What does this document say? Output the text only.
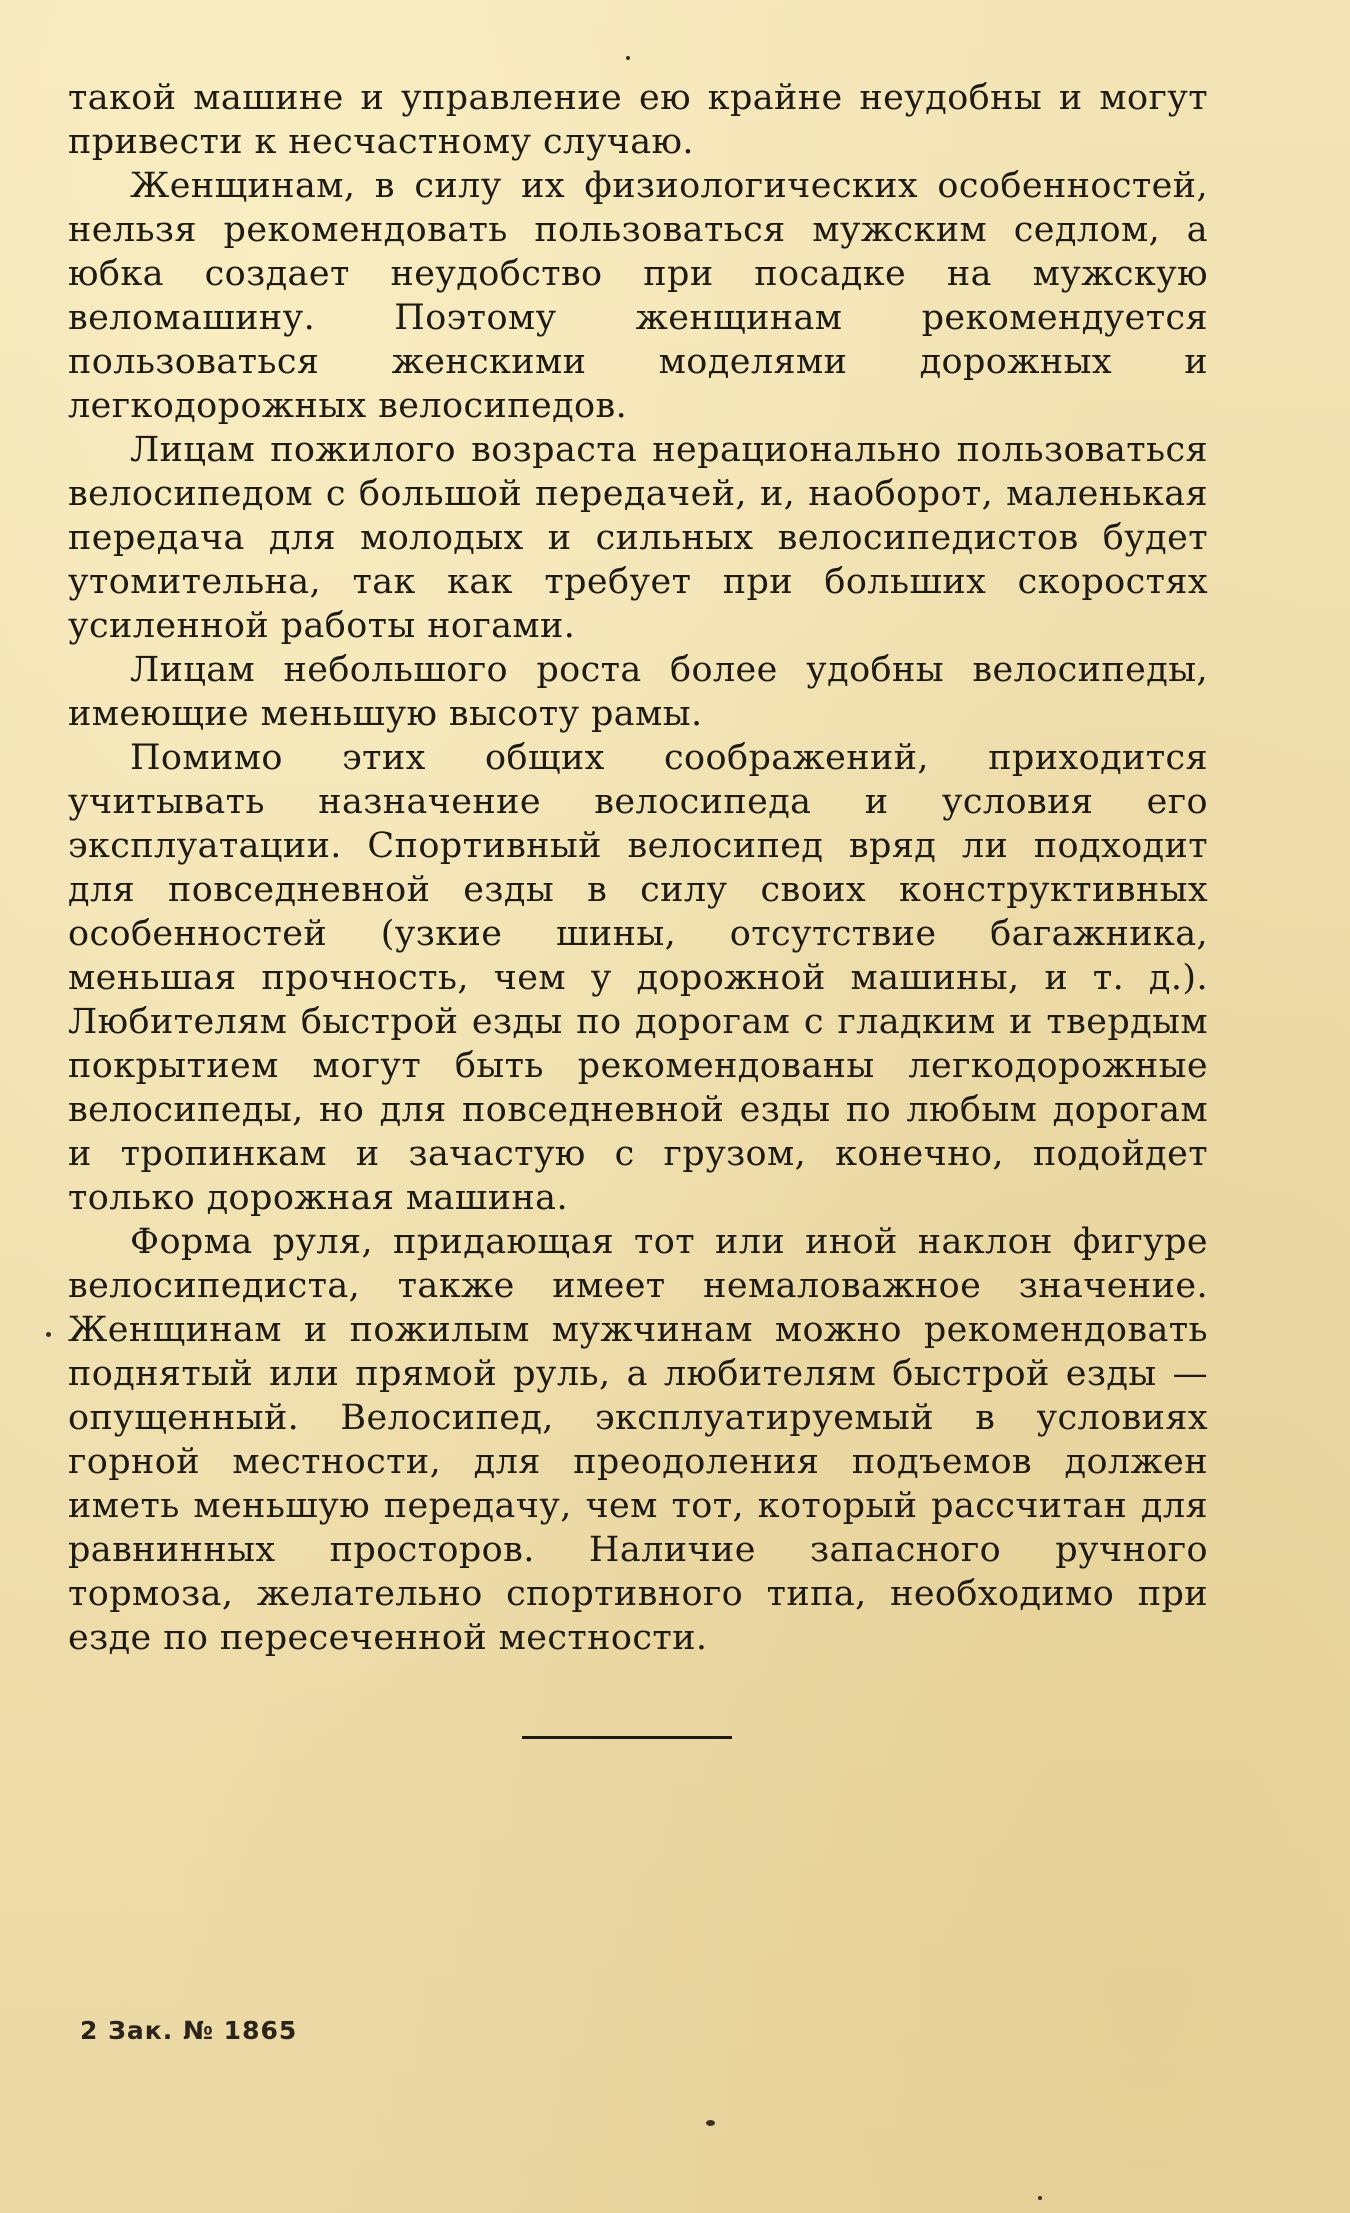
такой машине и управление ею крайне неудобны и могут привести к несчастному случаю.

Женщинам, в силу их физиологических особенностей, нельзя рекомендовать пользоваться мужским седлом, а юбка создает неудобство при посадке на мужскую веломашину. Поэтому женщинам рекомендуется пользоваться женскими моделями дорожных и легкодорожных велосипедов.

Лицам пожилого возраста нерационально пользоваться велосипедом с большой передачей, и, наоборот, маленькая передача для молодых и сильных велосипедистов будет утомительна, так как требует при больших скоростях усиленной работы ногами.

Лицам небольшого роста более удобны велосипеды, имеющие меньшую высоту рамы.

Помимо этих общих соображений, приходится учитывать назначение велосипеда и условия его эксплуатации. Спортивный велосипед вряд ли подходит для повседневной езды в силу своих конструктивных особенностей (узкие шины, отсутствие багажника, меньшая прочность, чем у дорожной машины, и т. д.). Любителям быстрой езды по дорогам с гладким и твердым покрытием могут быть рекомендованы легкодорожные велосипеды, но для повседневной езды по любым дорогам и тропинкам и зачастую с грузом, конечно, подойдет только дорожная машина.

Форма руля, придающая тот или иной наклон фигуре велосипедиста, также имеет немаловажное значение. Женщинам и пожилым мужчинам можно рекомендовать поднятый или прямой руль, а любителям быстрой езды — опущенный. Велосипед, эксплуатируемый в условиях горной местности, для преодоления подъемов должен иметь меньшую передачу, чем тот, который рассчитан для равнинных просторов. Наличие запасного ручного тормоза, желательно спортивного типа, необходимо при езде по пересеченной местности.

2 Зак. № 1865
